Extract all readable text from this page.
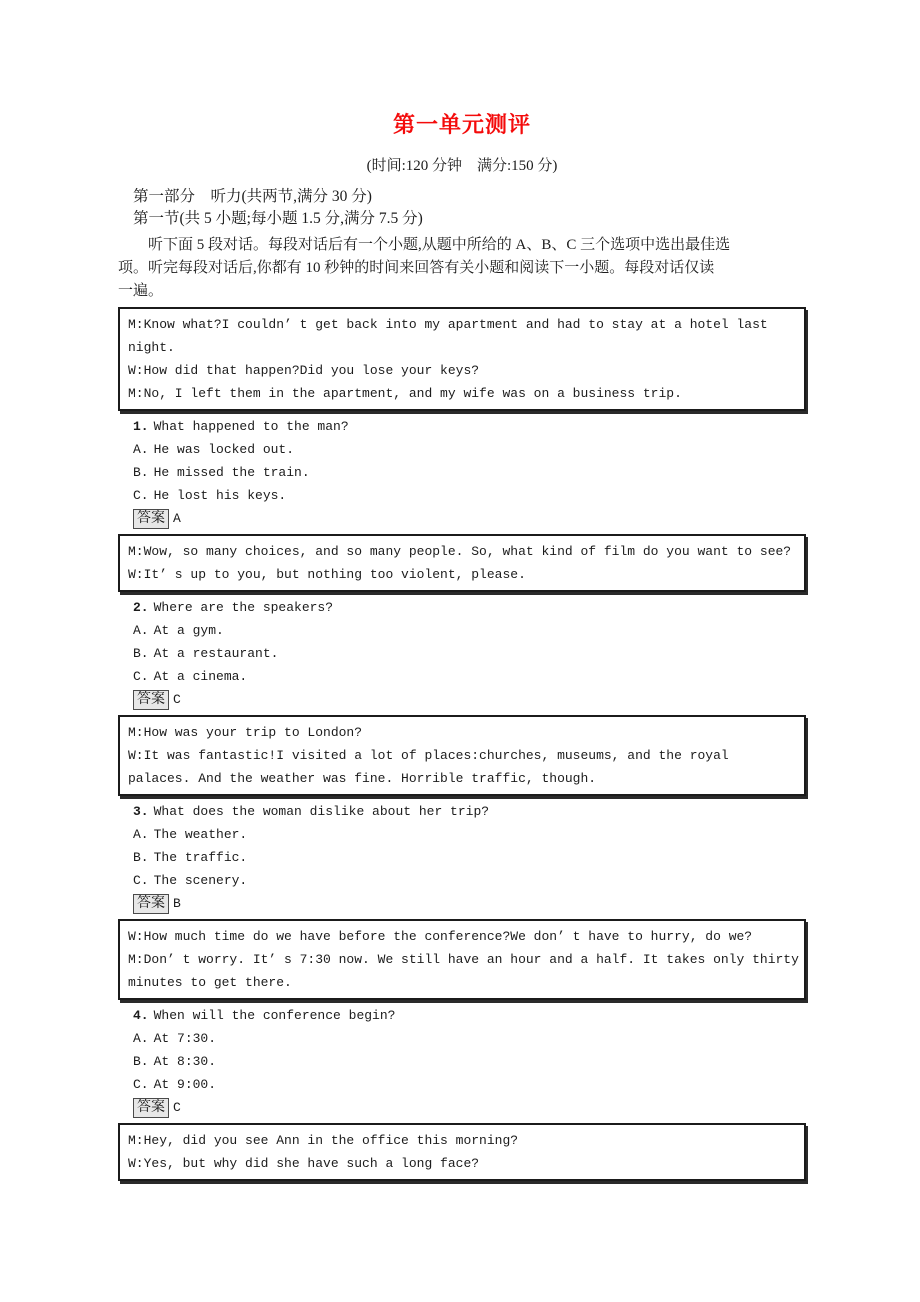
第一单元测评
(时间:120 分钟　满分:150 分)
第一部分　听力(共两节,满分 30 分)
第一节(共 5 小题;每小题 1.5 分,满分 7.5 分)
听下面 5 段对话。每段对话后有一个小题,从题中所给的 A、B、C 三个选项中选出最佳选
项。听完每段对话后,你都有 10 秒钟的时间来回答有关小题和阅读下一小题。每段对话仅读
一遍。
M:Know what?I couldn’ t get back into my apartment and had to stay at a hotel last
night.
W:How did that happen?Did you lose your keys?
M:No, I left them in the apartment, and my wife was on a business trip.
1. What happened to the man?
A. He was locked out.
B. He missed the train.
C. He lost his keys.
答案 A
M:Wow, so many choices, and so many people. So, what kind of film do you want to see?
W:It’ s up to you, but nothing too violent, please.
2. Where are the speakers?
A. At a gym.
B. At a restaurant.
C. At a cinema.
答案 C
M:How was your trip to London?
W:It was fantastic!I visited a lot of places:churches, museums, and the royal
palaces. And the weather was fine. Horrible traffic, though.
3. What does the woman dislike about her trip?
A. The weather.
B. The traffic.
C. The scenery.
答案 B
W:How much time do we have before the conference?We don’ t have to hurry, do we?
M:Don’ t worry. It’ s 7:30 now. We still have an hour and a half. It takes only thirty
minutes to get there.
4. When will the conference begin?
A. At 7:30.
B. At 8:30.
C. At 9:00.
答案 C
M:Hey, did you see Ann in the office this morning?
W:Yes, but why did she have such a long face?
